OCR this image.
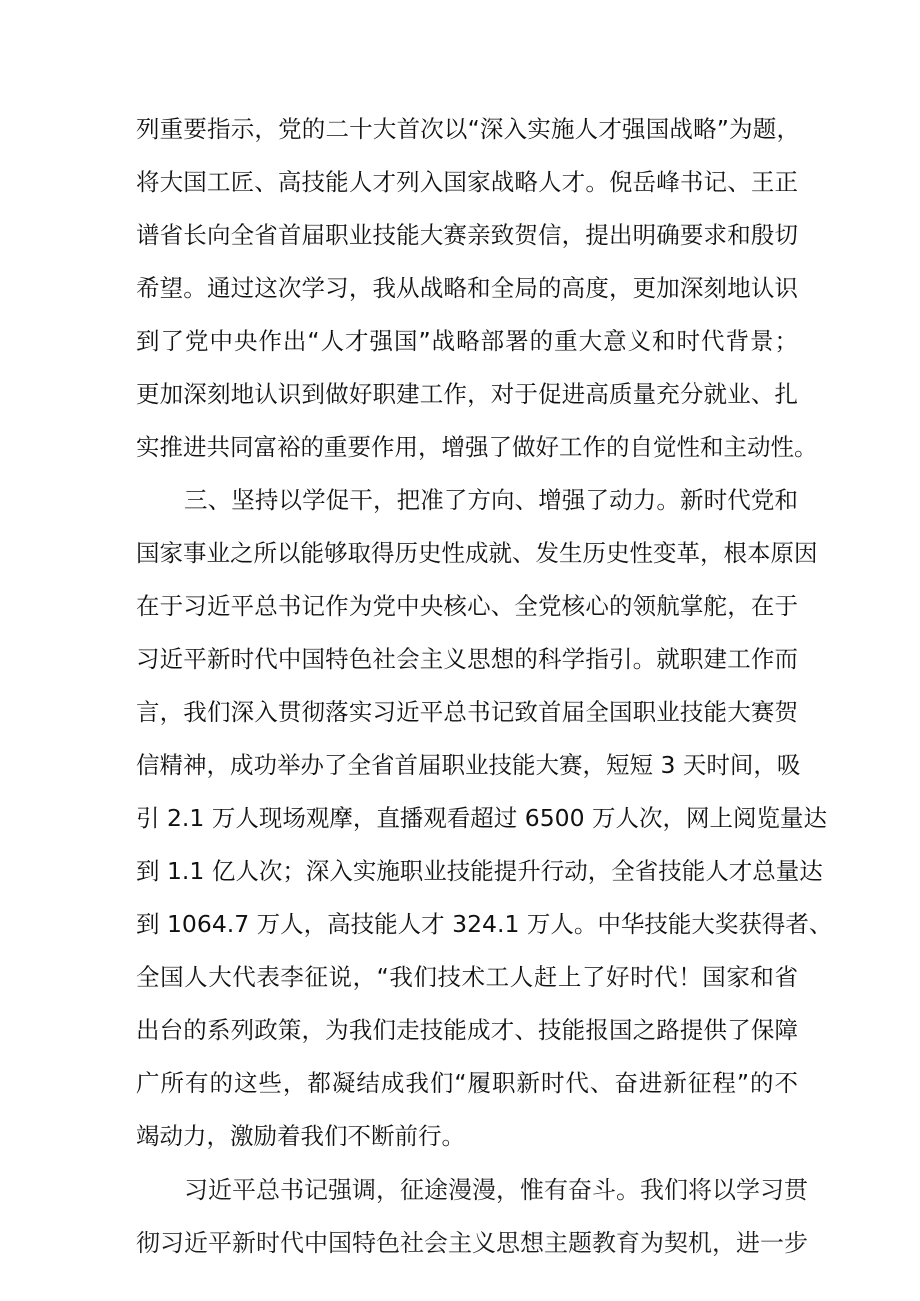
列重要指示，党的二十大首次以“深入实施人才强国战略”为题，
将大国工匠、高技能人才列入国家战略人才。倪岳峰书记、王正
谱省长向全省首届职业技能大赛亲致贺信，提出明确要求和殷切
希望。通过这次学习，我从战略和全局的高度，更加深刻地认识
到了党中央作出“人才强国”战略部署的重大意义和时代背景；
更加深刻地认识到做好职建工作，对于促进高质量充分就业、扎
实推进共同富裕的重要作用，增强了做好工作的自觉性和主动性。
三、坚持以学促干，把准了方向、增强了动力。新时代党和
国家事业之所以能够取得历史性成就、发生历史性变革，根本原因
在于习近平总书记作为党中央核心、全党核心的领航掌舵，在于
习近平新时代中国特色社会主义思想的科学指引。就职建工作而
言，我们深入贯彻落实习近平总书记致首届全国职业技能大赛贺
信精神，成功举办了全省首届职业技能大赛，短短 3 天时间，吸
引 2.1 万人现场观摩，直播观看超过 6500 万人次，网上阅览量达
到 1.1 亿人次；深入实施职业技能提升行动，全省技能人才总量达
到 1064.7 万人，高技能人才 324.1 万人。中华技能大奖获得者、
全国人大代表李征说，“我们技术工人赶上了好时代！国家和省
出台的系列政策，为我们走技能成才、技能报国之路提供了保障
广所有的这些，都凝结成我们“履职新时代、奋进新征程”的不
竭动力，激励着我们不断前行。
习近平总书记强调，征途漫漫，惟有奋斗。我们将以学习贯
彻习近平新时代中国特色社会主义思想主题教育为契机，进一步
